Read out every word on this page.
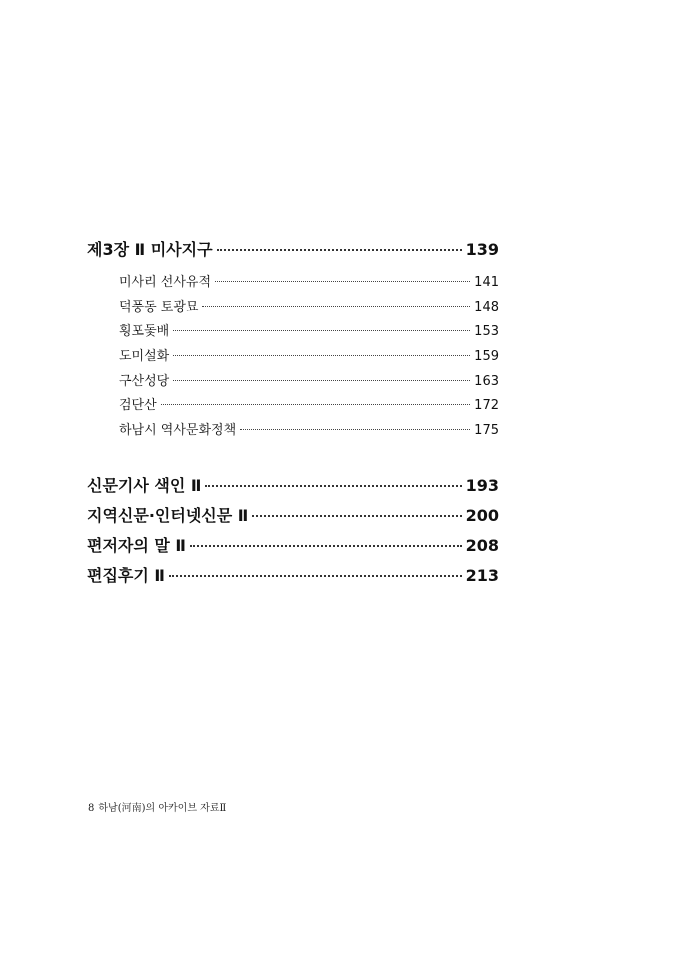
제3장 Ⅱ 미사지구	139
미사리 선사유적	141
덕풍동 토광묘	148
횡포돛배	153
도미설화	159
구산성당	163
검단산	172
하남시 역사문화정책	175
신문기사 색인 Ⅱ	193
지역신문·인터넷신문 Ⅱ	200
편저자의 말 Ⅱ	208
편집후기 Ⅱ	213
8 하남(河南)의 아카이브 자료Ⅱ
